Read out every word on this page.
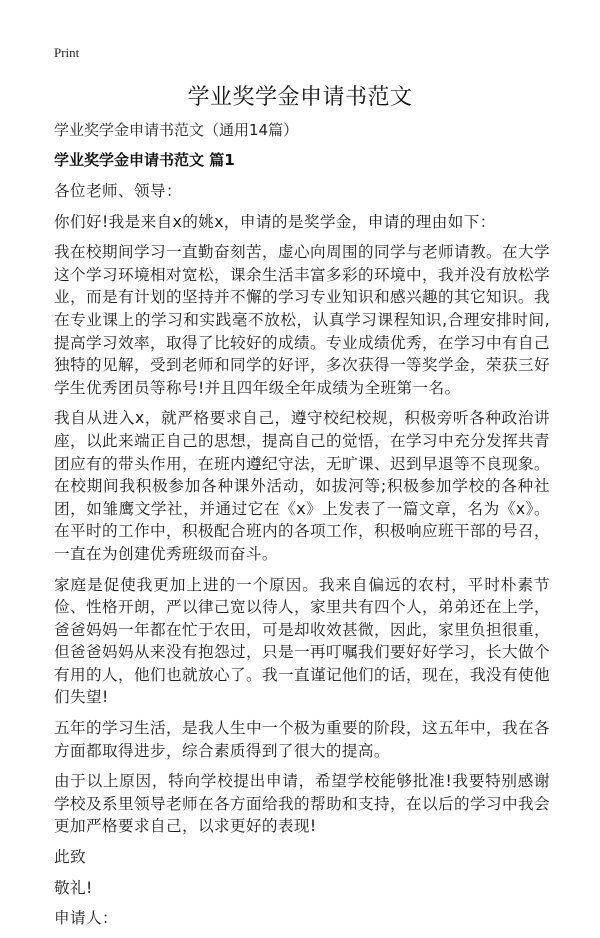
Print
学业奖学金申请书范文
学业奖学金申请书范文（通用14篇）
学业奖学金申请书范文 篇1

各位老师、领导：

你们好!我是来自x的姚x，申请的是奖学金，申请的理由如下：

我在校期间学习一直勤奋刻苦，虚心向周围的同学与老师请教。在大学这个学习环境相对宽松，课余生活丰富多彩的环境中，我并没有放松学业，而是有计划的坚持并不懈的学习专业知识和感兴趣的其它知识。我在专业课上的学习和实践毫不放松，认真学习课程知识,合理安排时间,提高学习效率，取得了比较好的成绩。专业成绩优秀，在学习中有自己独特的见解，受到老师和同学的好评，多次获得一等奖学金，荣获三好学生优秀团员等称号!并且四年级全年成绩为全班第一名。

我自从进入x，就严格要求自己，遵守校纪校规，积极旁听各种政治讲座，以此来端正自己的思想，提高自己的觉悟，在学习中充分发挥共青团应有的带头作用，在班内遵纪守法，无旷课、迟到早退等不良现象。在校期间我积极参加各种课外活动，如拔河等;积极参加学校的各种社团，如雏鹰文学社，并通过它在《x》上发表了一篇文章，名为《x》。在平时的工作中，积极配合班内的各项工作，积极响应班干部的号召，一直在为创建优秀班级而奋斗。

家庭是促使我更加上进的一个原因。我来自偏远的农村，平时朴素节俭、性格开朗，严以律己宽以待人，家里共有四个人，弟弟还在上学，爸爸妈妈一年都在忙于农田，可是却收效甚微，因此，家里负担很重，但爸爸妈妈从来没有抱怨过，只是一再叮嘱我们要好好学习，长大做个有用的人，他们也就放心了。我一直谨记他们的话，现在，我没有使他们失望!

五年的学习生活，是我人生中一个极为重要的阶段，这五年中，我在各方面都取得进步，综合素质得到了很大的提高。

由于以上原因，特向学校提出申请，希望学校能够批准!我要特别感谢学校及系里领导老师在各方面给我的帮助和支持，在以后的学习中我会更加严格要求自己，以求更好的表现!

此致

敬礼!

申请人：
